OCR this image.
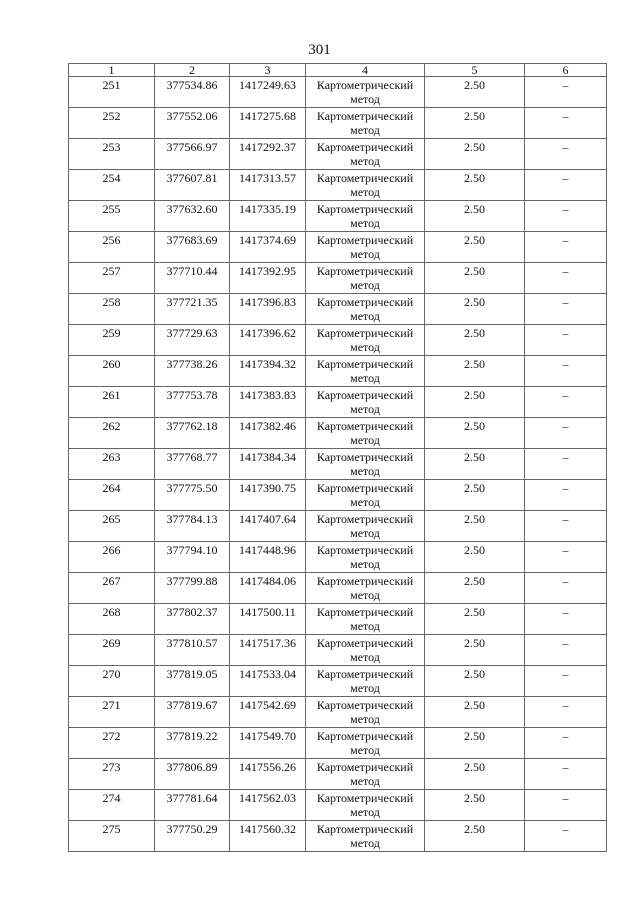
301
1	2	3	4	5	6
251	377534.86	1417249.63	Картометрический метод	2.50	–
252	377552.06	1417275.68	Картометрический метод	2.50	–
253	377566.97	1417292.37	Картометрический метод	2.50	–
254	377607.81	1417313.57	Картометрический метод	2.50	–
255	377632.60	1417335.19	Картометрический метод	2.50	–
256	377683.69	1417374.69	Картометрический метод	2.50	–
257	377710.44	1417392.95	Картометрический метод	2.50	–
258	377721.35	1417396.83	Картометрический метод	2.50	–
259	377729.63	1417396.62	Картометрический метод	2.50	–
260	377738.26	1417394.32	Картометрический метод	2.50	–
261	377753.78	1417383.83	Картометрический метод	2.50	–
262	377762.18	1417382.46	Картометрический метод	2.50	–
263	377768.77	1417384.34	Картометрический метод	2.50	–
264	377775.50	1417390.75	Картометрический метод	2.50	–
265	377784.13	1417407.64	Картометрический метод	2.50	–
266	377794.10	1417448.96	Картометрический метод	2.50	–
267	377799.88	1417484.06	Картометрический метод	2.50	–
268	377802.37	1417500.11	Картометрический метод	2.50	–
269	377810.57	1417517.36	Картометрический метод	2.50	–
270	377819.05	1417533.04	Картометрический метод	2.50	–
271	377819.67	1417542.69	Картометрический метод	2.50	–
272	377819.22	1417549.70	Картометрический метод	2.50	–
273	377806.89	1417556.26	Картометрический метод	2.50	–
274	377781.64	1417562.03	Картометрический метод	2.50	–
275	377750.29	1417560.32	Картометрический метод	2.50	–
